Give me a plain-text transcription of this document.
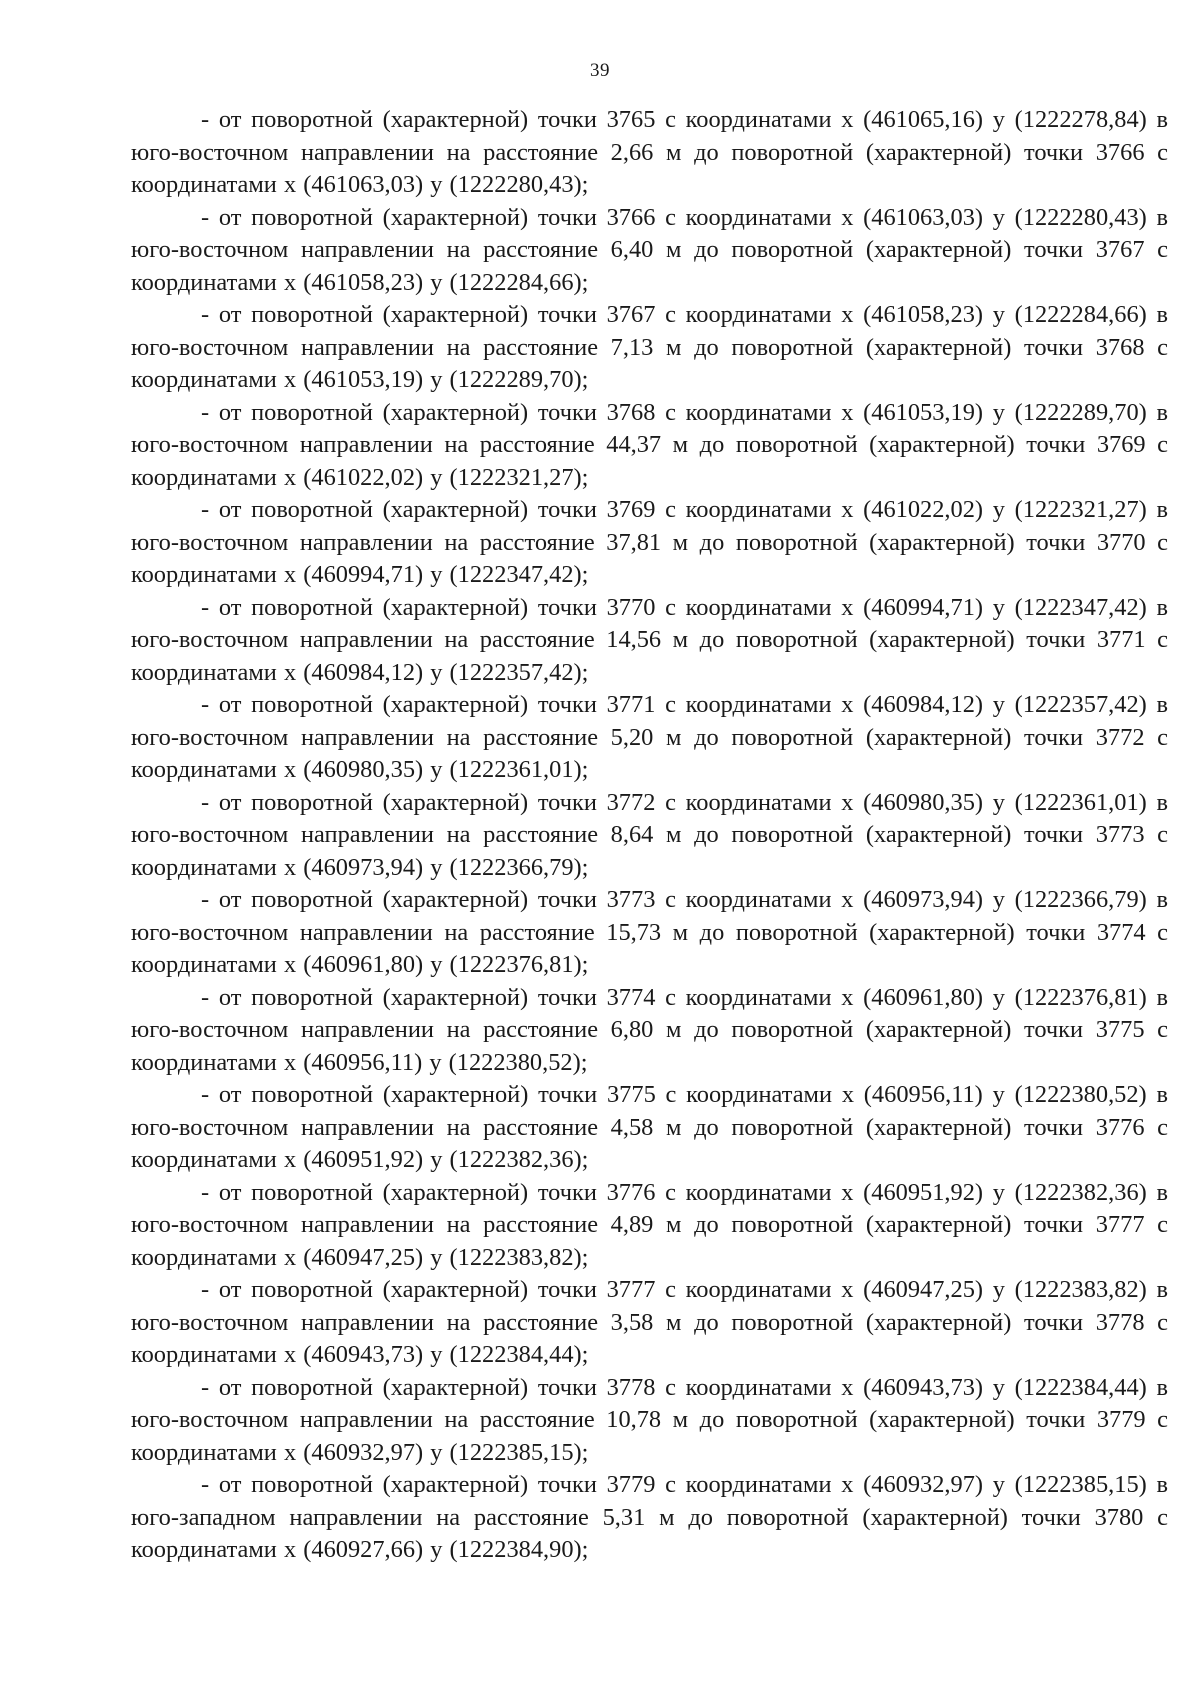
39

- от поворотной (характерной) точки 3765 с координатами х (461065,16) у (1222278,84) в юго-восточном направлении на расстояние 2,66 м до поворотной (характерной) точки 3766 с координатами х (461063,03) у (1222280,43);

- от поворотной (характерной) точки 3766 с координатами х (461063,03) у (1222280,43) в юго-восточном направлении на расстояние 6,40 м до поворотной (характерной) точки 3767 с координатами х (461058,23) у (1222284,66);

- от поворотной (характерной) точки 3767 с координатами х (461058,23) у (1222284,66) в юго-восточном направлении на расстояние 7,13 м до поворотной (характерной) точки 3768 с координатами х (461053,19) у (1222289,70);

- от поворотной (характерной) точки 3768 с координатами х (461053,19) у (1222289,70) в юго-восточном направлении на расстояние 44,37 м до поворотной (характерной) точки 3769 с координатами х (461022,02) у (1222321,27);

- от поворотной (характерной) точки 3769 с координатами х (461022,02) у (1222321,27) в юго-восточном направлении на расстояние 37,81 м до поворотной (характерной) точки 3770 с координатами х (460994,71) у (1222347,42);

- от поворотной (характерной) точки 3770 с координатами х (460994,71) у (1222347,42) в юго-восточном направлении на расстояние 14,56 м до поворотной (характерной) точки 3771 с координатами х (460984,12) у (1222357,42);

- от поворотной (характерной) точки 3771 с координатами х (460984,12) у (1222357,42) в юго-восточном направлении на расстояние 5,20 м до поворотной (характерной) точки 3772 с координатами х (460980,35) у (1222361,01);

- от поворотной (характерной) точки 3772 с координатами х (460980,35) у (1222361,01) в юго-восточном направлении на расстояние 8,64 м до поворотной (характерной) точки 3773 с координатами х (460973,94) у (1222366,79);

- от поворотной (характерной) точки 3773 с координатами х (460973,94) у (1222366,79) в юго-восточном направлении на расстояние 15,73 м до поворотной (характерной) точки 3774 с координатами х (460961,80) у (1222376,81);

- от поворотной (характерной) точки 3774 с координатами х (460961,80) у (1222376,81) в юго-восточном направлении на расстояние 6,80 м до поворотной (характерной) точки 3775 с координатами х (460956,11) у (1222380,52);

- от поворотной (характерной) точки 3775 с координатами х (460956,11) у (1222380,52) в юго-восточном направлении на расстояние 4,58 м до поворотной (характерной) точки 3776 с координатами х (460951,92) у (1222382,36);

- от поворотной (характерной) точки 3776 с координатами х (460951,92) у (1222382,36) в юго-восточном направлении на расстояние 4,89 м до поворотной (характерной) точки 3777 с координатами х (460947,25) у (1222383,82);

- от поворотной (характерной) точки 3777 с координатами х (460947,25) у (1222383,82) в юго-восточном направлении на расстояние 3,58 м до поворотной (характерной) точки 3778 с координатами х (460943,73) у (1222384,44);

- от поворотной (характерной) точки 3778 с координатами х (460943,73) у (1222384,44) в юго-восточном направлении на расстояние 10,78 м до поворотной (характерной) точки 3779 с координатами х (460932,97) у (1222385,15);

- от поворотной (характерной) точки 3779 с координатами х (460932,97) у (1222385,15) в юго-западном направлении на расстояние 5,31 м до поворотной (характерной) точки 3780 с координатами х (460927,66) у (1222384,90);
